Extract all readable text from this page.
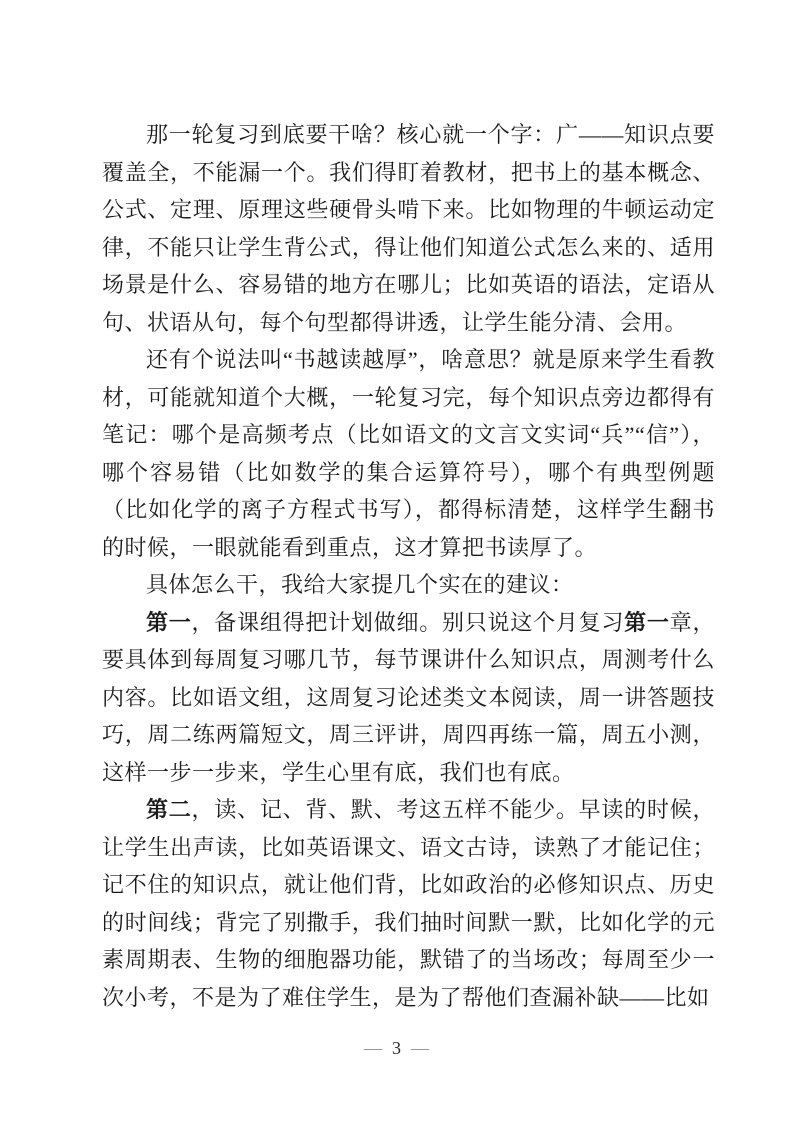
那一轮复习到底要干啥？核心就一个字：广——知识点要覆盖全，不能漏一个。我们得盯着教材，把书上的基本概念、公式、定理、原理这些硬骨头啃下来。比如物理的牛顿运动定律，不能只让学生背公式，得让他们知道公式怎么来的、适用场景是什么、容易错的地方在哪儿；比如英语的语法，定语从句、状语从句，每个句型都得讲透，让学生能分清、会用。

还有个说法叫“书越读越厚”，啥意思？就是原来学生看教材，可能就知道个大概，一轮复习完，每个知识点旁边都得有笔记：哪个是高频考点（比如语文的文言文实词“兵”“信”），哪个容易错（比如数学的集合运算符号），哪个有典型例题（比如化学的离子方程式书写），都得标清楚，这样学生翻书的时候，一眼就能看到重点，这才算把书读厚了。

具体怎么干，我给大家提几个实在的建议：

第一，备课组得把计划做细。别只说这个月复习第一章，要具体到每周复习哪几节，每节课讲什么知识点，周测考什么内容。比如语文组，这周复习论述类文本阅读，周一讲答题技巧，周二练两篇短文，周三评讲，周四再练一篇，周五小测，这样一步一步来，学生心里有底，我们也有底。

第二，读、记、背、默、考这五样不能少。早读的时候，让学生出声读，比如英语课文、语文古诗，读熟了才能记住；记不住的知识点，就让他们背，比如政治的必修知识点、历史的时间线；背完了别撒手，我们抽时间默一默，比如化学的元素周期表、生物的细胞器功能，默错了的当场改；每周至少一次小考，不是为了难住学生，是为了帮他们查漏补缺——比如

— 3 —
